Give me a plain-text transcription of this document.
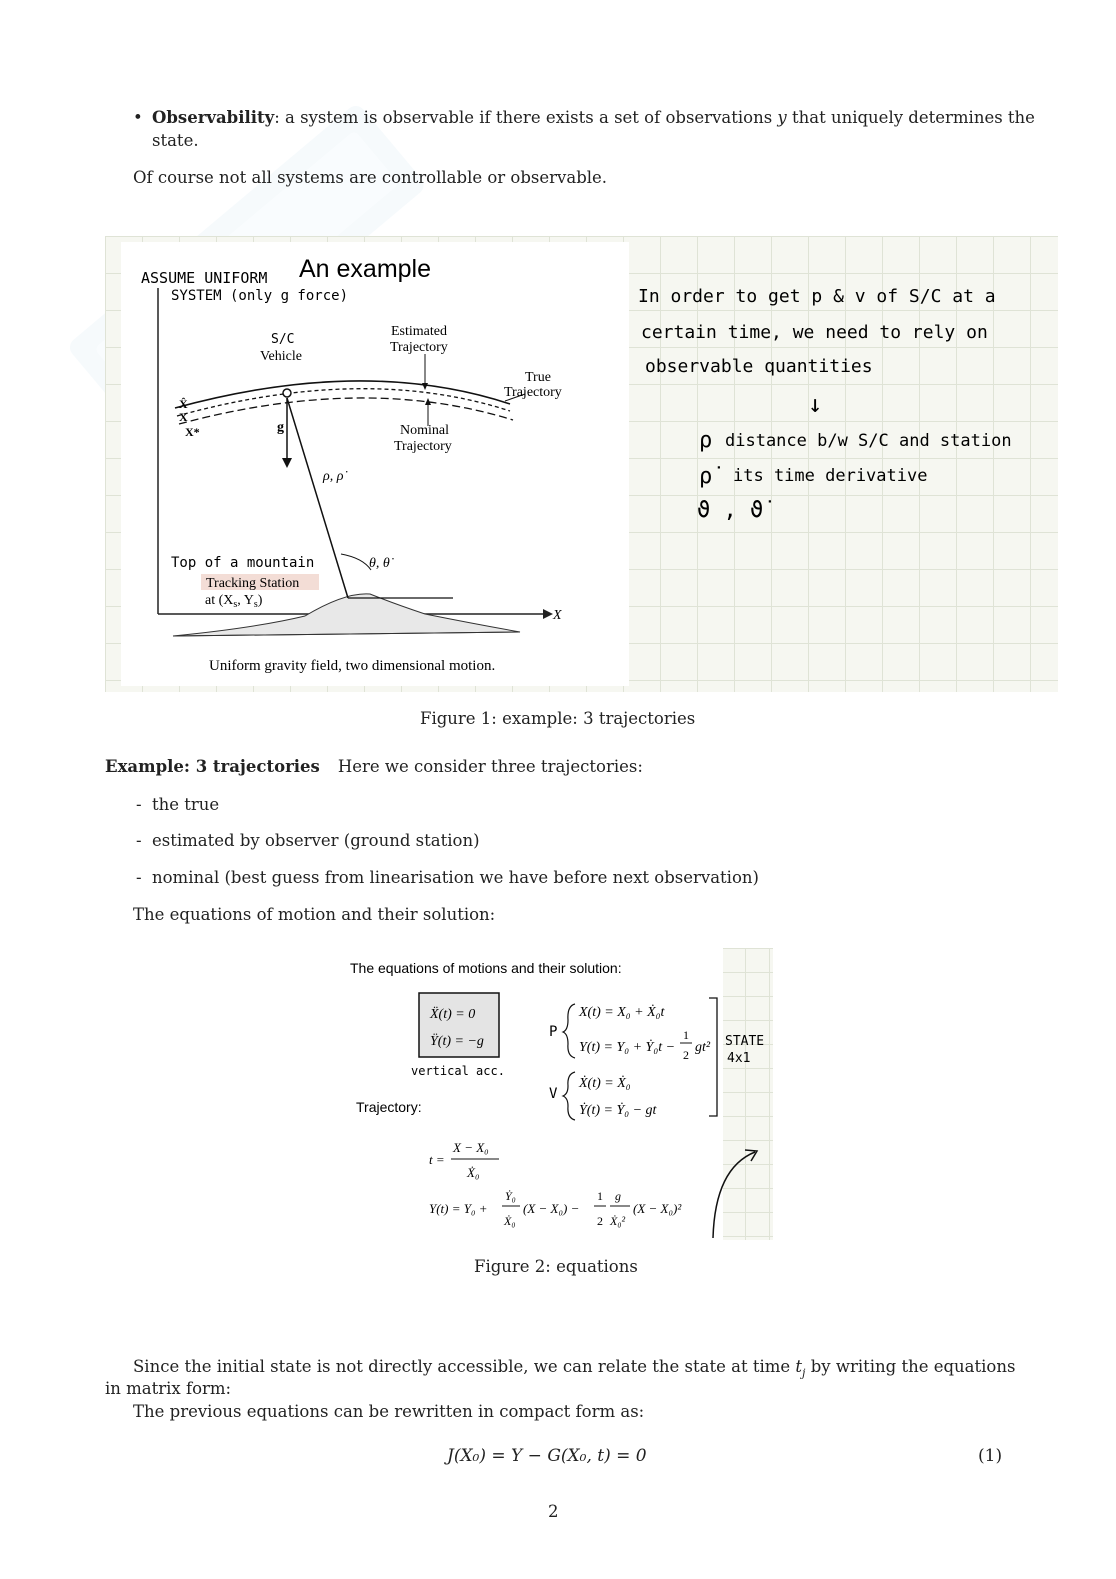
• Observability: a system is observable if there exists a set of observations y that uniquely determines the
state.
Of course not all systems are controllable or observable.
X
An example
ASSUME UNIFORM
SYSTEM (only g force)
S/C
Vehicle
Estimated
Trajectory
True
Trajectory
Nominal
Trajectory
X̂
X
X*	g
ρ, ρ̇
θ, θ̇
Top of a mountain
Tracking Station
at ($X_s$, $Y_s$)
Uniform gravity field, two dimensional motion.
In order to get p & v of S/C at a
certain time, we need to rely on
observable quantities
↓
ρ distance b/w S/C and station
ρ̇	its time derivative
ϑ , ϑ̇
Figure 1: example: 3 trajectories
Example: 3 trajectories Here we consider three trajectories:
- the true
- estimated by observer (ground station)
- nominal (best guess from linearisation we have before next observation)
The equations of motion and their solution:
The equations of motions and their solution:
Ẍ(t) = 0
Ÿ(t) = −g
vertical acc.
Trajectory:
P
X(t) = X₀ + Ẋ₀t
Y(t) = Y₀ + Ẏ₀t −
1
2 gt²
V
Ẋ(t) = Ẋ₀
Ẏ(t) = Ẏ₀ − gt
STATE
4x1
t =
X − X₀
Ẋ₀
Y(t) = Y₀ +
Ẏ₀
Ẋ₀
(X − X₀) −
1
2
g
Ẋ₀²
(X − X₀)²
Figure 2: equations
Since the initial state is not directly accessible, we can relate the state at time $t_j$ by writing the equations
in matrix form:
The previous equations can be rewritten in compact form as:
J(X₀) = Y − G(X₀, t) = 0	(1)
2
